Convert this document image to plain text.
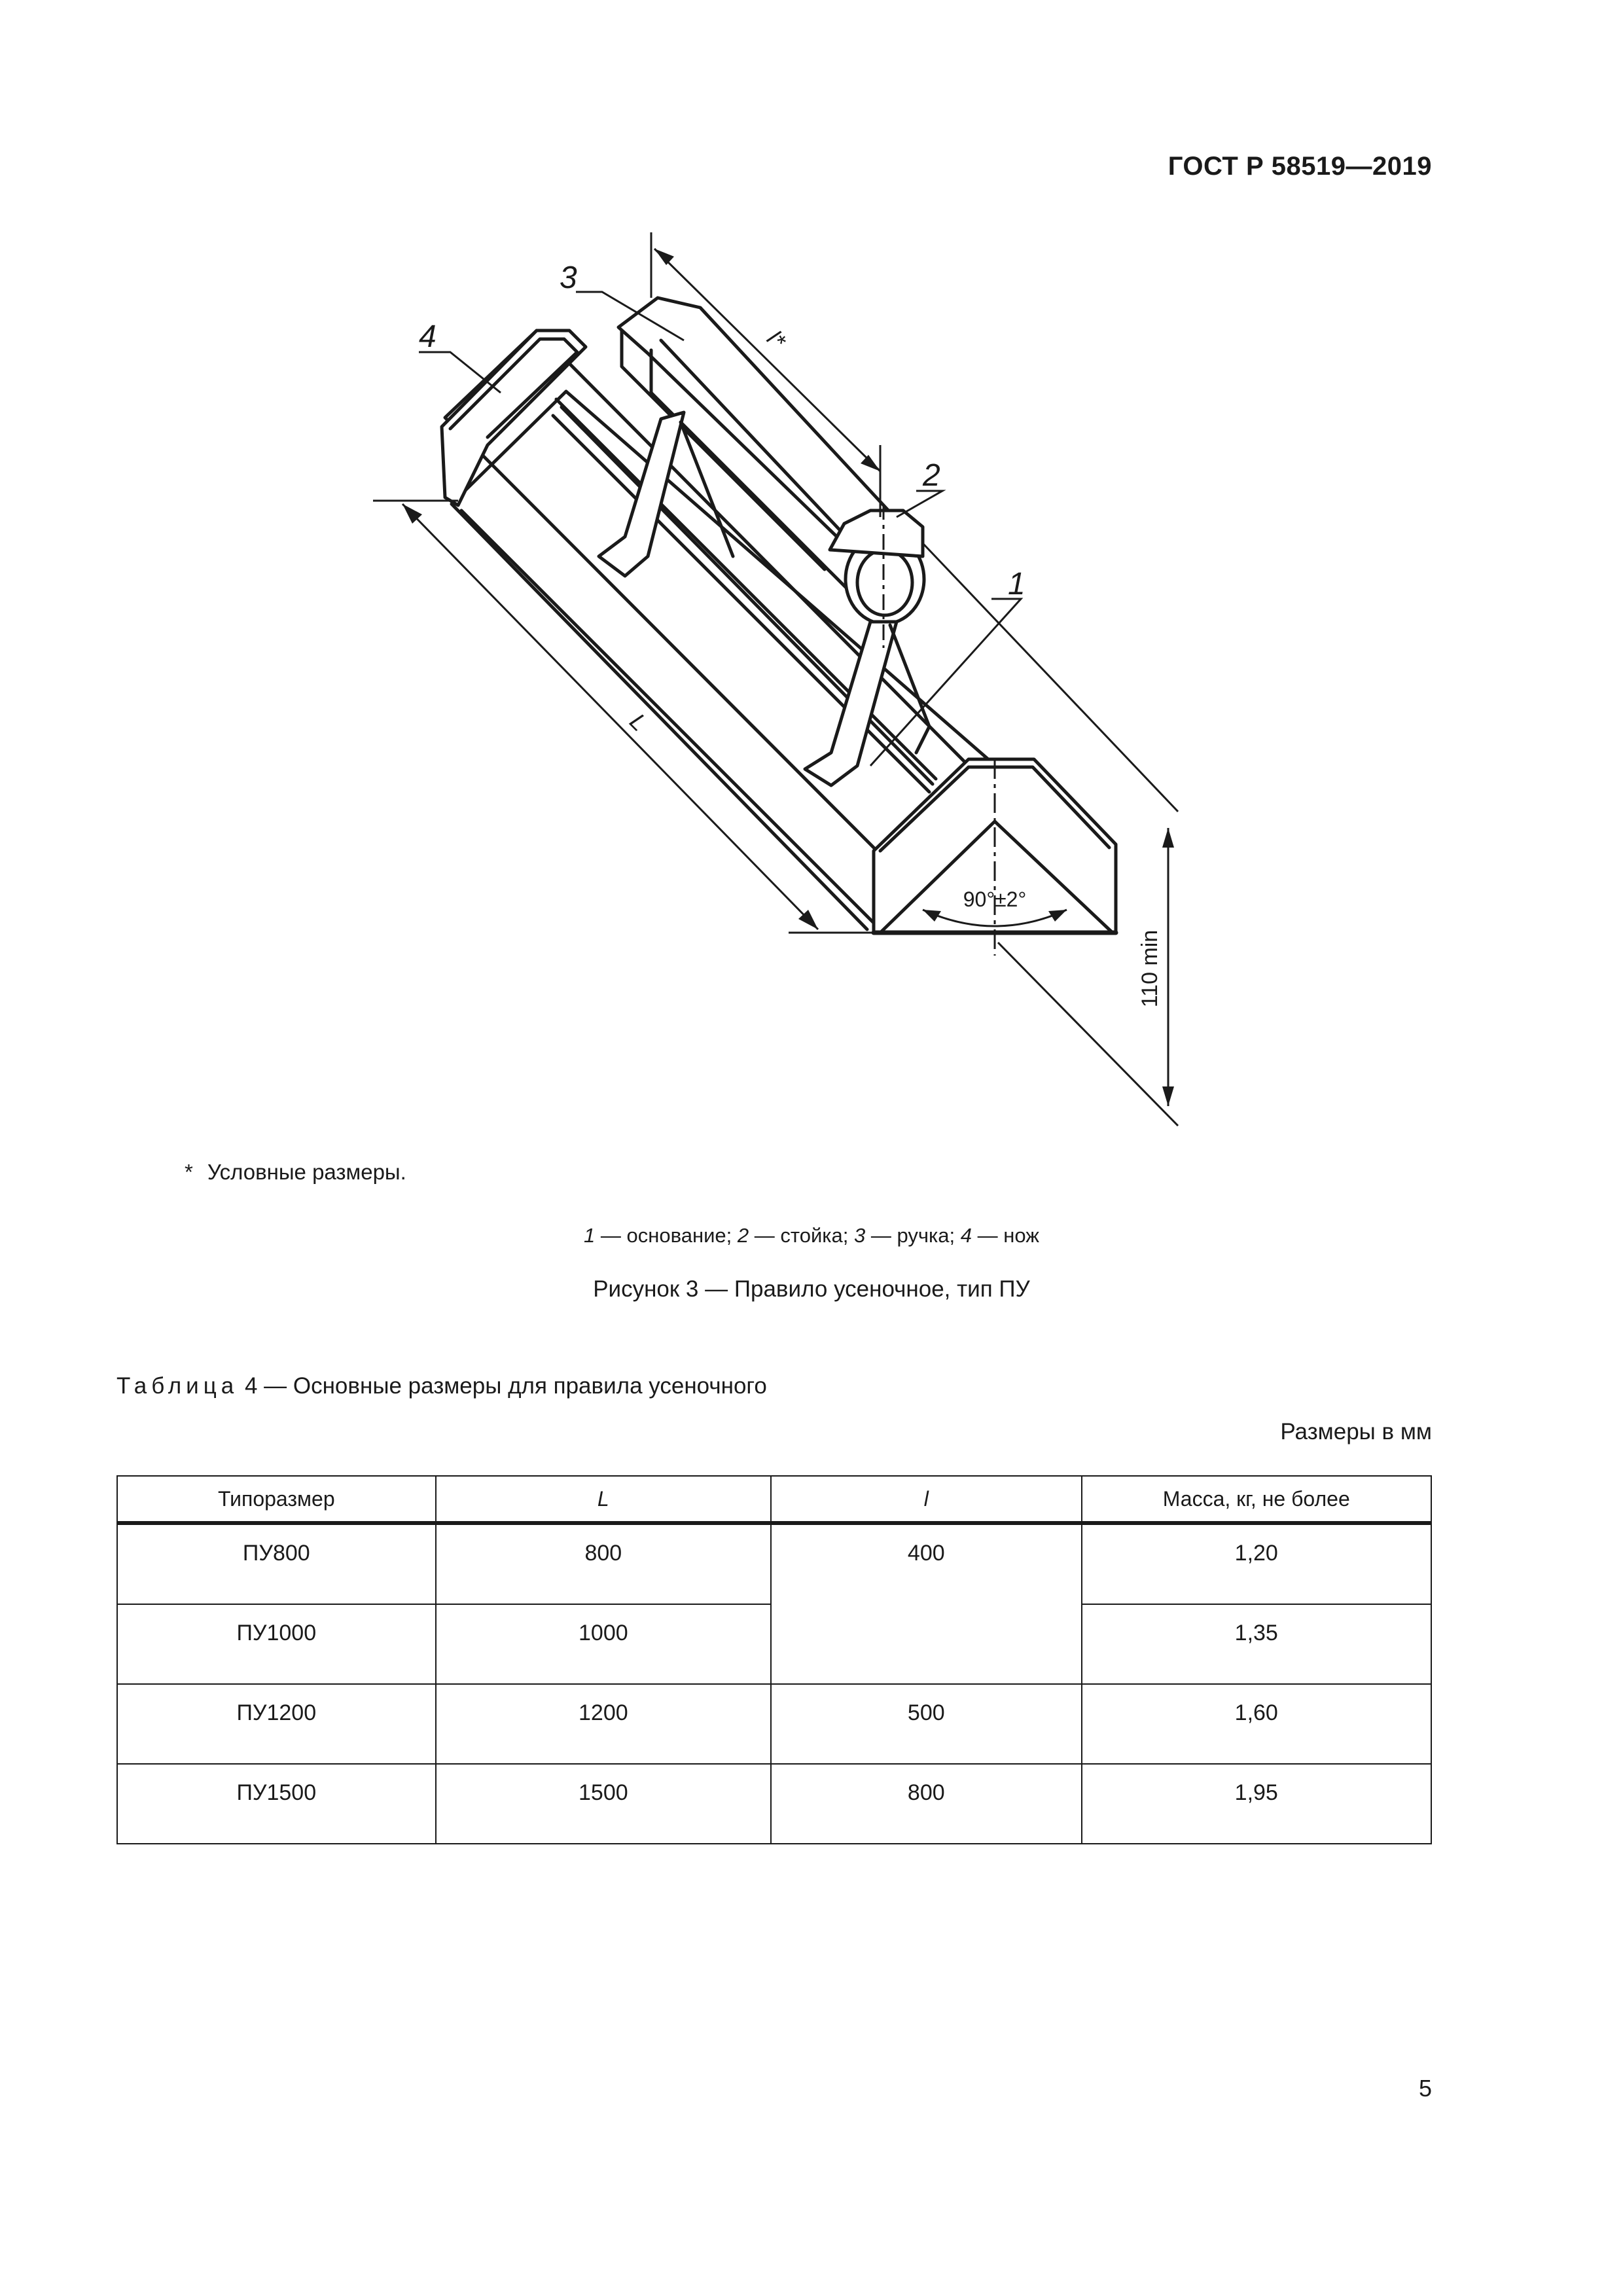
ГОСТ Р 58519—2019
3
4
2
1
L
l*
90°±2°
110 min
* Условные размеры.
1 — основание; 2 — стойка; 3 — ручка; 4 — нож
Рисунок 3 — Правило усеночное, тип ПУ
Таблица 4 — Основные размеры для правила усеночного
Размеры в мм
Типоразмер	L	l	Масса, кг, не более
ПУ800	800	400	1,20
ПУ1000	1000		1,35
ПУ1200	1200	500	1,60
ПУ1500	1500	800	1,95
5
